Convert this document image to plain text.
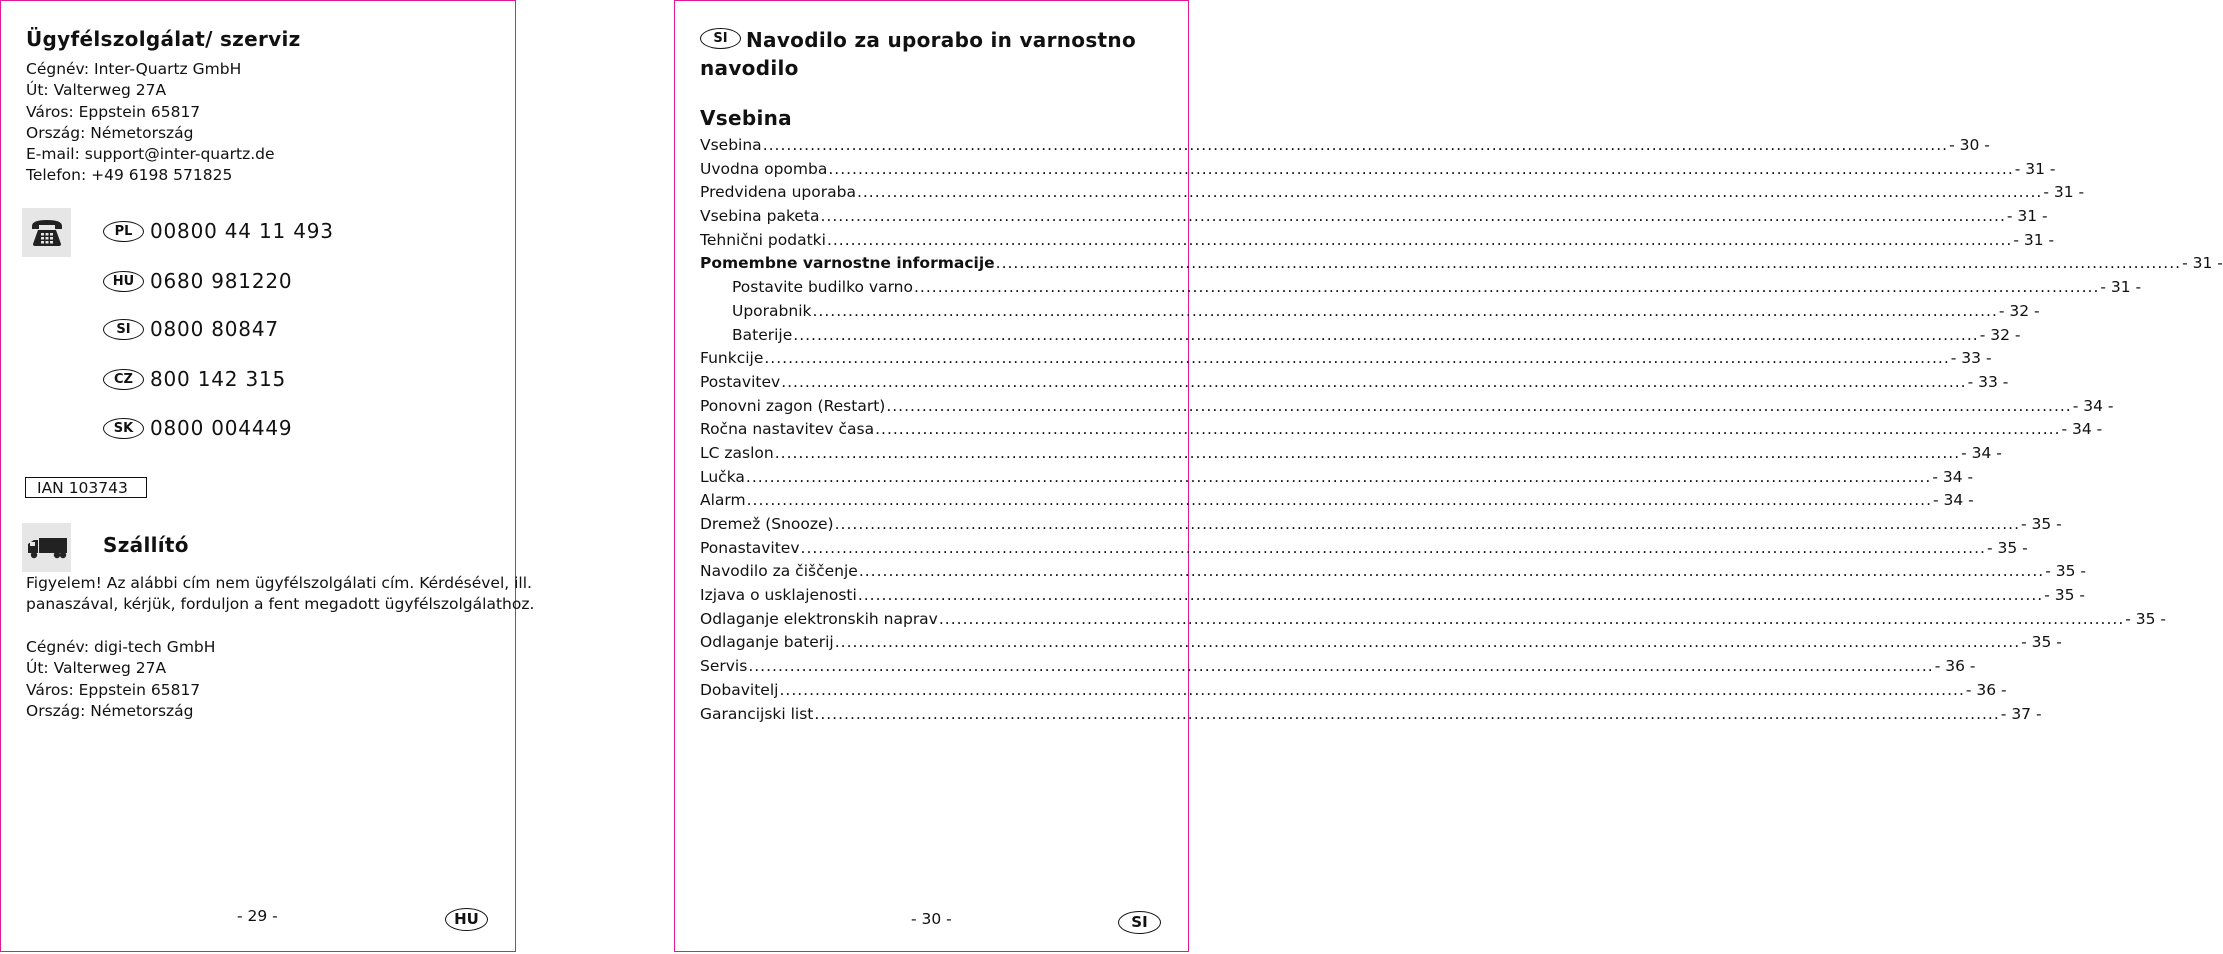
Ügyfélszolgálat/ szerviz
Cégnév: Inter-Quartz GmbH
Út: Valterweg 27A
Város: Eppstein 65817
Ország: Németország
E-mail: support@inter-quartz.de
Telefon: +49 6198 571825
PL 00800 44 11 493
HU 0680 981220
SI 0800 80847
CZ 800 142 315
SK 0800 004449
IAN 103743
Szállító
Figyelem! Az alábbi cím nem ügyfélszolgálati cím. Kérdésével, ill.
panaszával, kérjük, forduljon a fent megadott ügyfélszolgálathoz.
Cégnév: digi-tech GmbH
Út: Valterweg 27A
Város: Eppstein 65817
Ország: Németország
- 29 -	HU
SI Navodilo za uporabo in varnostno
navodilo
Vsebina
Vsebina ........................................................................................................................................................................................................ - 30 -
Uvodna opomba ........................................................................................................................................................................................................ - 31 -
Predvidena uporaba ........................................................................................................................................................................................................ - 31 -
Vsebina paketa ........................................................................................................................................................................................................ - 31 -
Tehnični podatki ........................................................................................................................................................................................................ - 31 -
Pomembne varnostne informacije ........................................................................................................................................................................................................ - 31 -
Postavite budilko varno ........................................................................................................................................................................................................ - 31 -
Uporabnik ........................................................................................................................................................................................................ - 32 -
Baterije ........................................................................................................................................................................................................ - 32 -
Funkcije ........................................................................................................................................................................................................ - 33 -
Postavitev ........................................................................................................................................................................................................ - 33 -
Ponovni zagon (Restart) ........................................................................................................................................................................................................ - 34 -
Ročna nastavitev časa ........................................................................................................................................................................................................ - 34 -
LC zaslon ........................................................................................................................................................................................................ - 34 -
Lučka ........................................................................................................................................................................................................ - 34 -
Alarm ........................................................................................................................................................................................................ - 34 -
Dremež (Snooze) ........................................................................................................................................................................................................ - 35 -
Ponastavitev ........................................................................................................................................................................................................ - 35 -
Navodilo za čiščenje ........................................................................................................................................................................................................ - 35 -
Izjava o usklajenosti ........................................................................................................................................................................................................ - 35 -
Odlaganje elektronskih naprav ........................................................................................................................................................................................................ - 35 -
Odlaganje baterij ........................................................................................................................................................................................................ - 35 -
Servis ........................................................................................................................................................................................................ - 36 -
Dobavitelj ........................................................................................................................................................................................................ - 36 -
Garancijski list ........................................................................................................................................................................................................ - 37 -
- 30 -	SI
